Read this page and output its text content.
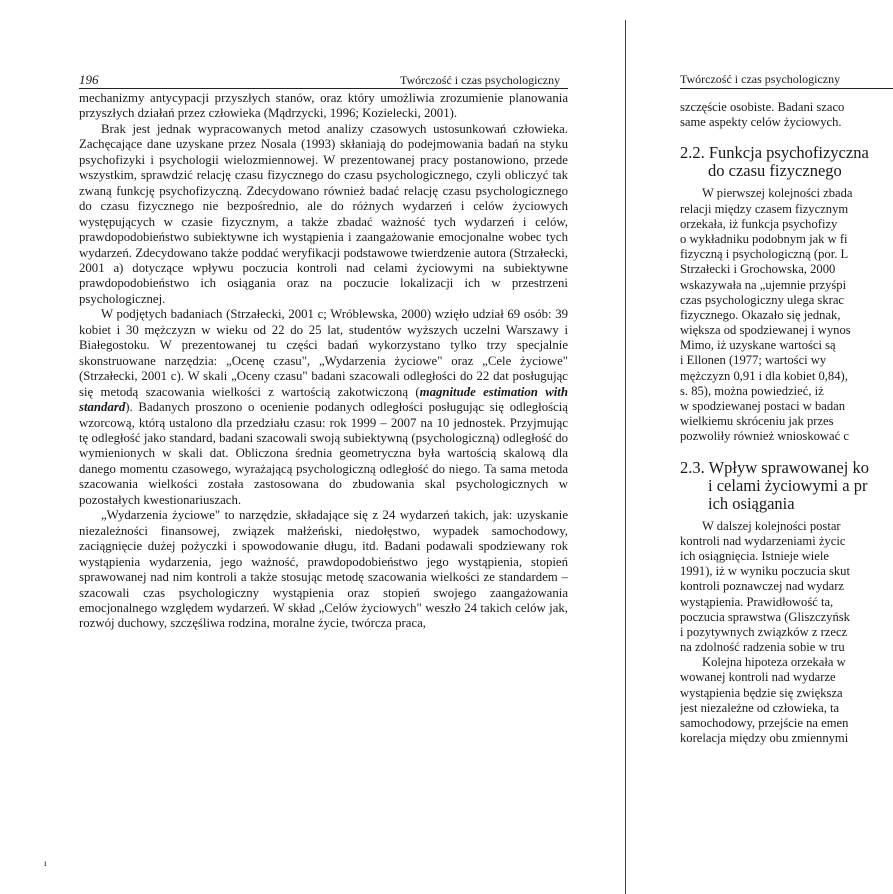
196	Twórczość i czas psychologiczny

mechanizmy antycypacji przyszłych stanów, oraz który umożliwia zrozumienie planowania przyszłych działań przez człowieka (Mądrzycki, 1996; Kozielecki, 2001).

Brak jest jednak wypracowanych metod analizy czasowych ustosunkowań człowieka. Zachęcające dane uzyskane przez Nosala (1993) skłaniają do podejmowania badań na styku psychofizyki i psychologii wielozmiennowej. W prezentowanej pracy postanowiono, przede wszystkim, sprawdzić relację czasu fizycznego do czasu psychologicznego, czyli obliczyć tak zwaną funkcję psychofizyczną. Zdecydowano również badać relację czasu psychologicznego do czasu fizycznego nie bezpośrednio, ale do różnych wydarzeń i celów życiowych występujących w czasie fizycznym, a także zbadać ważność tych wydarzeń i celów, prawdopodobieństwo subiektywne ich wystąpienia i zaangażowanie emocjonalne wobec tych wydarzeń. Zdecydowano także poddać weryfikacji podstawowe twierdzenie autora (Strzałecki, 2001 a) dotyczące wpływu poczucia kontroli nad celami życiowymi na subiektywne prawdopodobieństwo ich osiągania oraz na poczucie lokalizacji ich w przestrzeni psychologicznej.

W podjętych badaniach (Strzałecki, 2001 c; Wróblewska, 2000) wzięło udział 69 osób: 39 kobiet i 30 mężczyzn w wieku od 22 do 25 lat, studentów wyższych uczelni Warszawy i Białegostoku. W prezentowanej tu części badań wykorzystano tylko trzy specjalnie skonstruowane narzędzia: „Ocenę czasu", „Wydarzenia życiowe" oraz „Cele życiowe" (Strzałecki, 2001 c). W skali „Oceny czasu" badani szacowali odległości do 22 dat posługując się metodą szacowania wielkości z wartością zakotwiczoną (magnitude estimation with standard). Badanych proszono o ocenienie podanych odległości posługując się odległością wzorcową, którą ustalono dla przedziału czasu: rok 1999 – 2007 na 10 jednostek. Przyjmując tę odległość jako standard, badani szacowali swoją subiektywną (psychologiczną) odległość do wymienionych w skali dat. Obliczona średnia geometryczna była wartością skalową dla danego momentu czasowego, wyrażającą psychologiczną odległość do niego. Ta sama metoda szacowania wielkości została zastosowana do zbudowania skal psychologicznych w pozostałych kwestionariuszach.

„Wydarzenia życiowe" to narzędzie, składające się z 24 wydarzeń takich, jak: uzyskanie niezależności finansowej, związek małżeński, niedołęstwo, wypadek samochodowy, zaciągnięcie dużej pożyczki i spowodowanie długu, itd. Badani podawali spodziewany rok wystąpienia wydarzenia, jego ważność, prawdopodobieństwo jego wystąpienia, stopień sprawowanej nad nim kontroli a także stosując metodę szacowania wielkości ze standardem – szacowali czas psychologiczny wystąpienia oraz stopień swojego zaangażowania emocjonalnego względem wydarzeń. W skład „Celów życiowych" weszło 24 takich celów jak, rozwój duchowy, szczęśliwa rodzina, moralne życie, twórcza praca,

ı
Twórczość i czas psychologiczny
szczęście osobiste. Badani szaco
same aspekty celów życiowych.
2.2. Funkcja psychofizyczna
do czasu fizycznego
W pierwszej kolejności zbada
relacji między czasem fizycznym
orzekała, iż funkcja psychofizy
o wykładniku podobnym jak w fi
fizyczną i psychologiczną (por. L
Strzałecki i Grochowska, 2000
wskazywała na „ujemnie przyśpi
czas psychologiczny ulega skrac
fizycznego. Okazało się jednak,
większa od spodziewanej i wynos
Mimo, iż uzyskane wartości są
i Ellonen (1977; wartości wy
mężczyzn 0,91 i dla kobiet 0,84),
s. 85), można powiedzieć, iż
w spodziewanej postaci w badan
wielkiemu skróceniu jak przes
pozwoliły również wnioskować c
2.3. Wpływ sprawowanej ko
i celami życiowymi a pr
ich osiągania
W dalszej kolejności postar
kontroli nad wydarzeniami życic
ich osiągnięcia. Istnieje wiele
1991), iż w wyniku poczucia skut
kontroli poznawczej nad wydarz
wystąpienia. Prawidłowość ta,
poczucia sprawstwa (Gliszczyńsk
i pozytywnych związków z rzecz
na zdolność radzenia sobie w tru
Kolejna hipoteza orzekała w
wowanej kontroli nad wydarze
wystąpienia będzie się zwiększa
jest niezależne od człowieka, ta
samochodowy, przejście na emen
korelacja między obu zmiennymi
